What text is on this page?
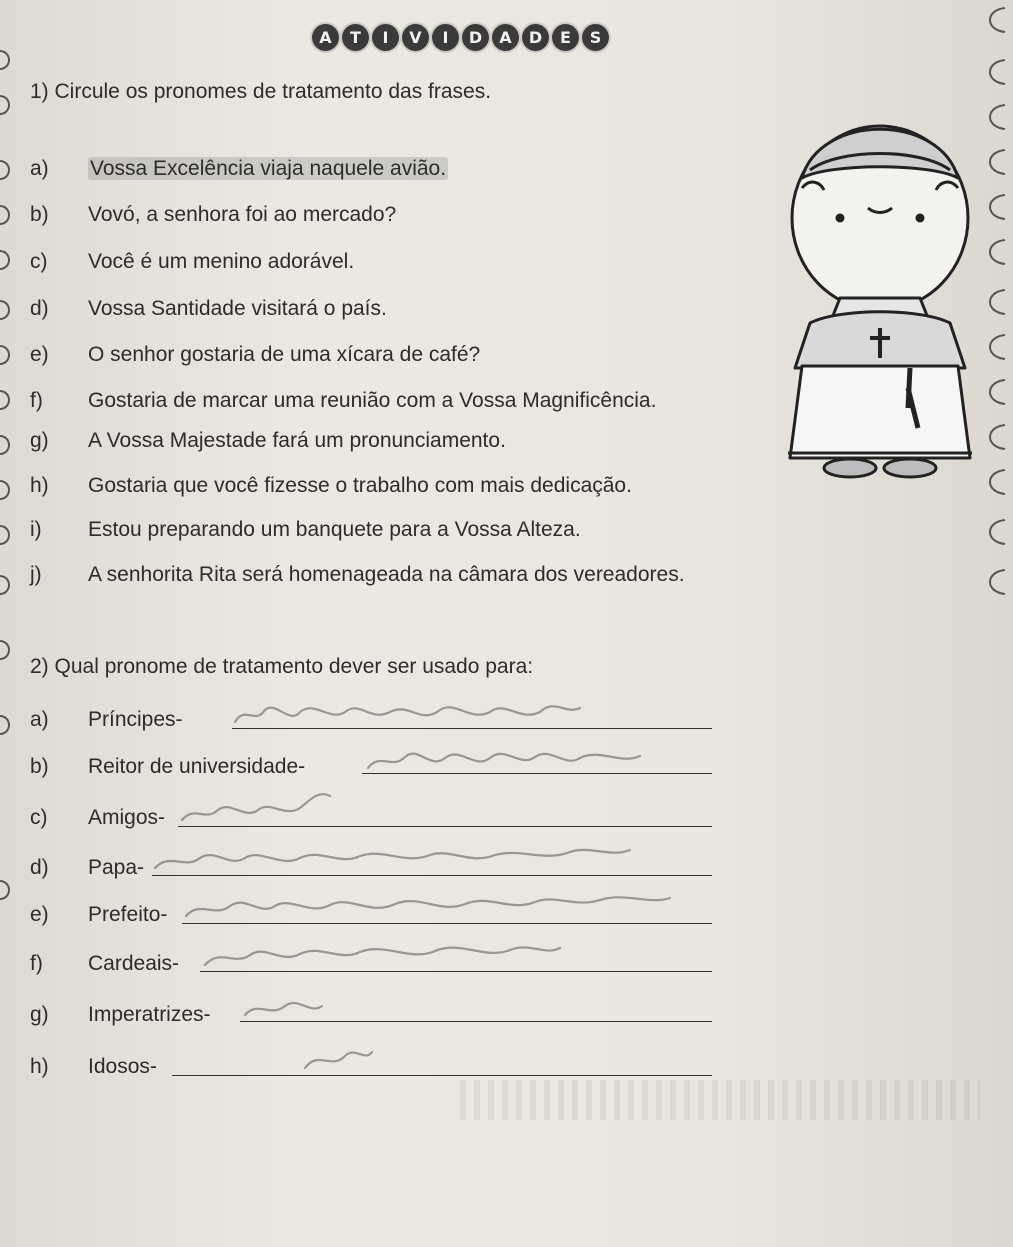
A	T	I	V	I	D	A	D	E	S
1) Circule os pronomes de tratamento das frases.
a) Vossa Excelência viaja naquele avião.
b) Vovó, a senhora foi ao mercado?
c) Você é um menino adorável.
d) Vossa Santidade visitará o país.
e) O senhor gostaria de uma xícara de café?
f) Gostaria de marcar uma reunião com a Vossa Magnificência.
g) A Vossa Majestade fará um pronunciamento.
h) Gostaria que você fizesse o trabalho com mais dedicação.
i) Estou preparando um banquete para a Vossa Alteza.
j) A senhorita Rita será homenageada na câmara dos vereadores.
2) Qual pronome de tratamento dever ser usado para:
a) Príncipes-
b) Reitor de universidade-
c) Amigos-
d) Papa-
e) Prefeito-
f) Cardeais-
g) Imperatrizes-
h) Idosos-
